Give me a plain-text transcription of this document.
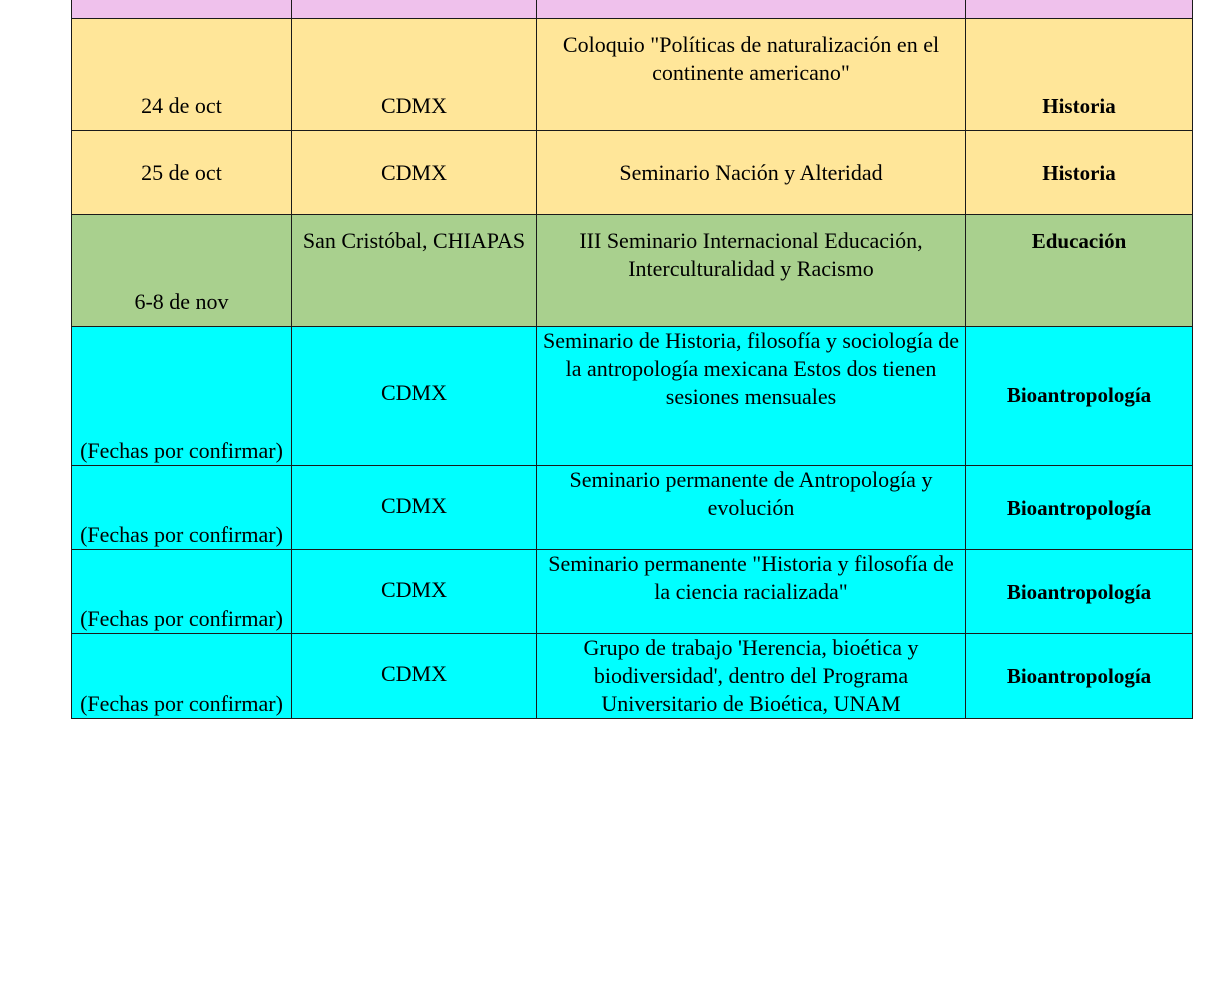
24 de oct	CDMX	Coloquio "Políticas de naturalización en el continente americano"	Historia
25 de oct	CDMX	Seminario Nación y Alteridad	Historia
6-8 de nov	San Cristóbal, CHIAPAS	III Seminario Internacional Educación, Interculturalidad y Racismo	Educación
(Fechas por confirmar)	CDMX	Seminario de Historia, filosofía y sociología de la antropología mexicana Estos dos tienen sesiones mensuales	Bioantropología
(Fechas por confirmar)	CDMX	Seminario permanente de Antropología y evolución	Bioantropología
(Fechas por confirmar)	CDMX	Seminario permanente "Historia y filosofía de la ciencia racializada"	Bioantropología
(Fechas por confirmar)	CDMX	Grupo de trabajo 'Herencia, bioética y biodiversidad', dentro del Programa Universitario de Bioética, UNAM	Bioantropología
